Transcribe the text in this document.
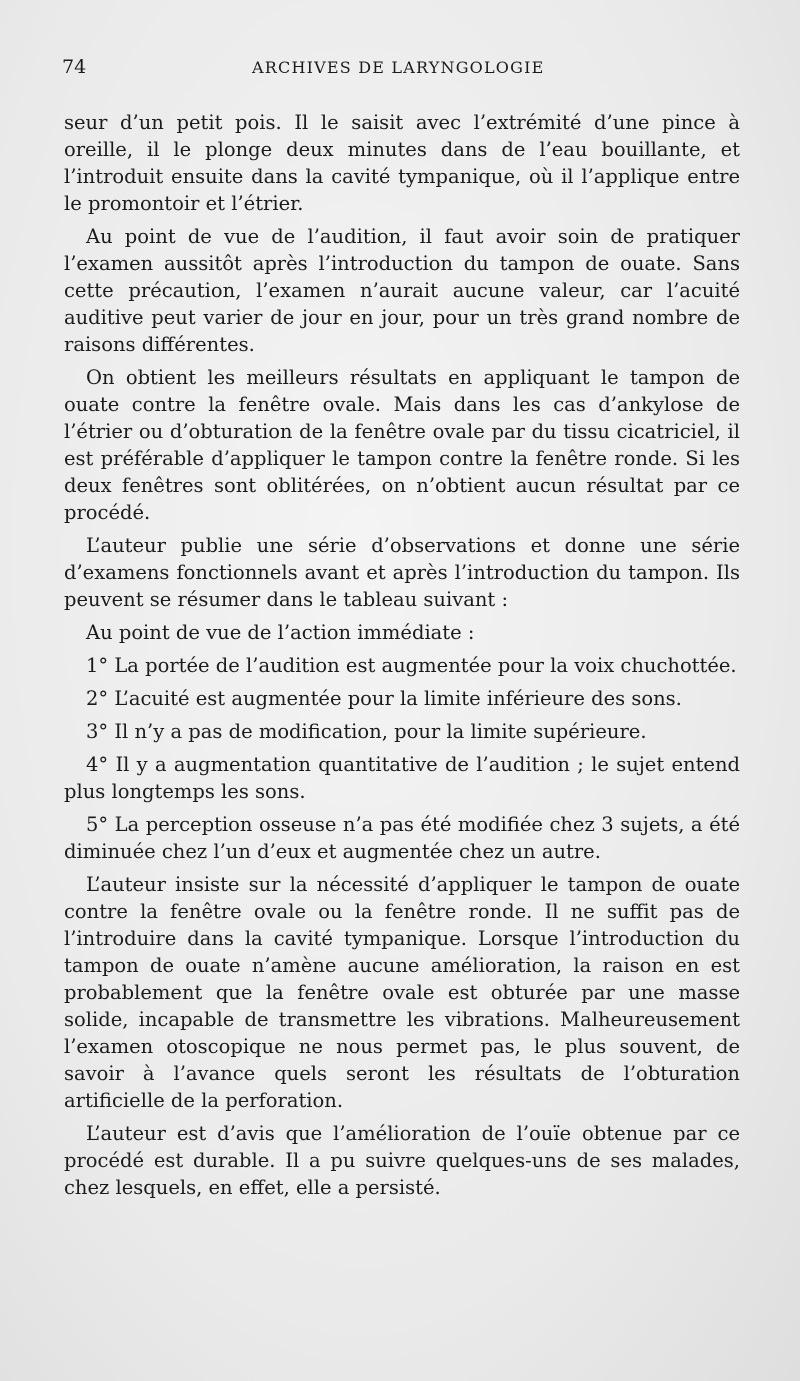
74	ARCHIVES DE LARYNGOLOGIE

seur d’un petit pois. Il le saisit avec l’extrémité d’une pince à oreille, il le plonge deux minutes dans de l’eau bouillante, et l’introduit ensuite dans la cavité tympanique, où il l’applique entre le promontoir et l’étrier.

Au point de vue de l’audition, il faut avoir soin de pratiquer l’examen aussitôt après l’introduction du tampon de ouate. Sans cette précaution, l’examen n’aurait aucune valeur, car l’acuité auditive peut varier de jour en jour, pour un très grand nombre de raisons différentes.

On obtient les meilleurs résultats en appliquant le tampon de ouate contre la fenêtre ovale. Mais dans les cas d’ankylose de l’étrier ou d’obturation de la fenêtre ovale par du tissu cicatriciel, il est préférable d’appliquer le tampon contre la fenêtre ronde. Si les deux fenêtres sont oblitérées, on n’obtient aucun résultat par ce procédé.

L’auteur publie une série d’observations et donne une série d’examens fonctionnels avant et après l’introduction du tampon. Ils peuvent se résumer dans le tableau suivant :

Au point de vue de l’action immédiate :

1° La portée de l’audition est augmentée pour la voix chuchottée.

2° L’acuité est augmentée pour la limite inférieure des sons.

3° Il n’y a pas de modification, pour la limite supérieure.

4° Il y a augmentation quantitative de l’audition ; le sujet entend plus longtemps les sons.

5° La perception osseuse n’a pas été modifiée chez 3 sujets, a été diminuée chez l’un d’eux et augmentée chez un autre.

L’auteur insiste sur la nécessité d’appliquer le tampon de ouate contre la fenêtre ovale ou la fenêtre ronde. Il ne suffit pas de l’introduire dans la cavité tympanique. Lorsque l’introduction du tampon de ouate n’amène aucune amélioration, la raison en est probablement que la fenêtre ovale est obturée par une masse solide, incapable de transmettre les vibrations. Malheureusement l’examen otoscopique ne nous permet pas, le plus souvent, de savoir à l’avance quels seront les résultats de l’obturation artificielle de la perforation.

L’auteur est d’avis que l’amélioration de l’ouïe obtenue par ce procédé est durable. Il a pu suivre quelques-uns de ses malades, chez lesquels, en effet, elle a persisté.
